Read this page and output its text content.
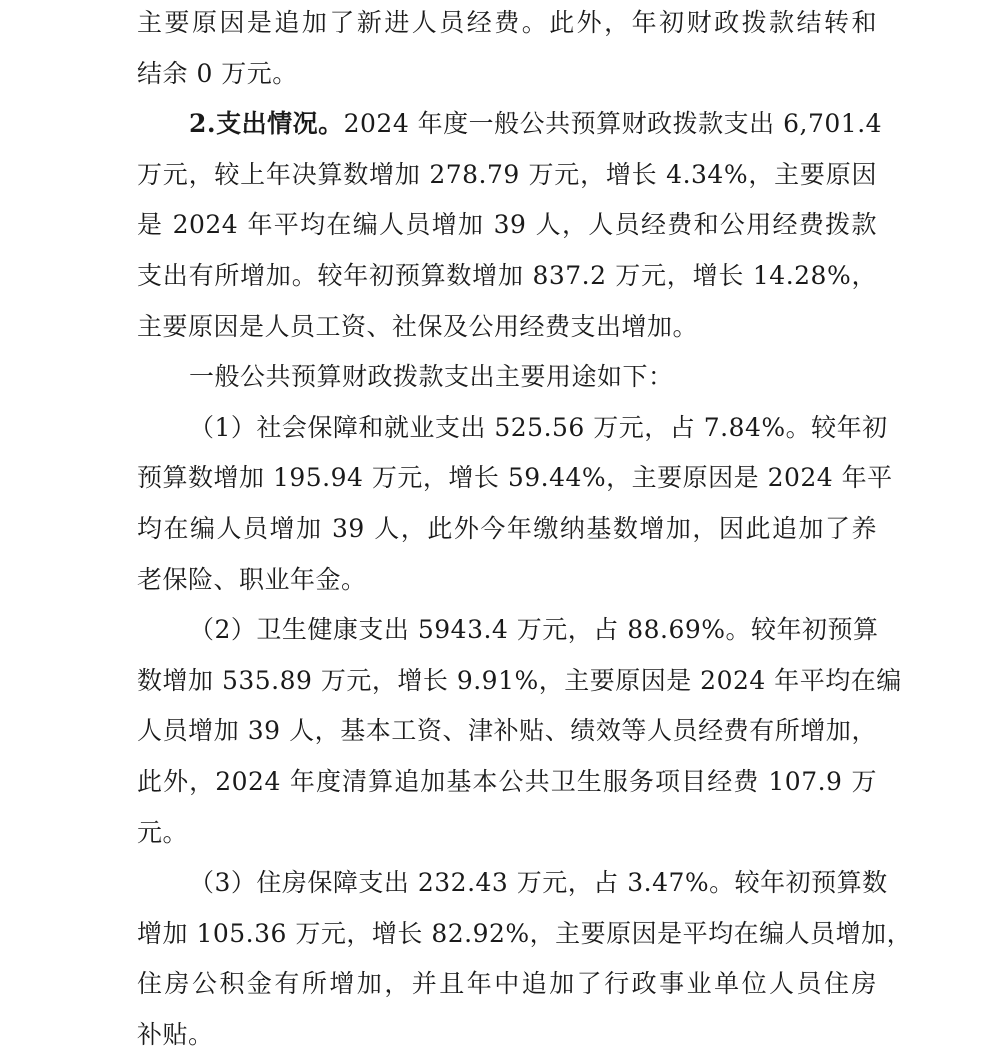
主要原因是追加了新进人员经费。此外，年初财政拨款结转和
结余 0 万元。
2.支出情况。2024 年度一般公共预算财政拨款支出 6,701.4
万元，较上年决算数增加 278.79 万元，增长 4.34%，主要原因
是 2024 年平均在编人员增加 39 人，人员经费和公用经费拨款
支出有所增加。较年初预算数增加 837.2 万元，增长 14.28%，
主要原因是人员工资、社保及公用经费支出增加。
一般公共预算财政拨款支出主要用途如下：
（1）社会保障和就业支出 525.56 万元，占 7.84%。较年初
预算数增加 195.94 万元，增长 59.44%，主要原因是 2024 年平
均在编人员增加 39 人，此外今年缴纳基数增加，因此追加了养
老保险、职业年金。
（2）卫生健康支出 5943.4 万元，占 88.69%。较年初预算
数增加 535.89 万元，增长 9.91%，主要原因是 2024 年平均在编
人员增加 39 人，基本工资、津补贴、绩效等人员经费有所增加，
此外，2024 年度清算追加基本公共卫生服务项目经费 107.9 万
元。
（3）住房保障支出 232.43 万元，占 3.47%。较年初预算数
增加 105.36 万元，增长 82.92%，主要原因是平均在编人员增加，
住房公积金有所增加，并且年中追加了行政事业单位人员住房
补贴。
